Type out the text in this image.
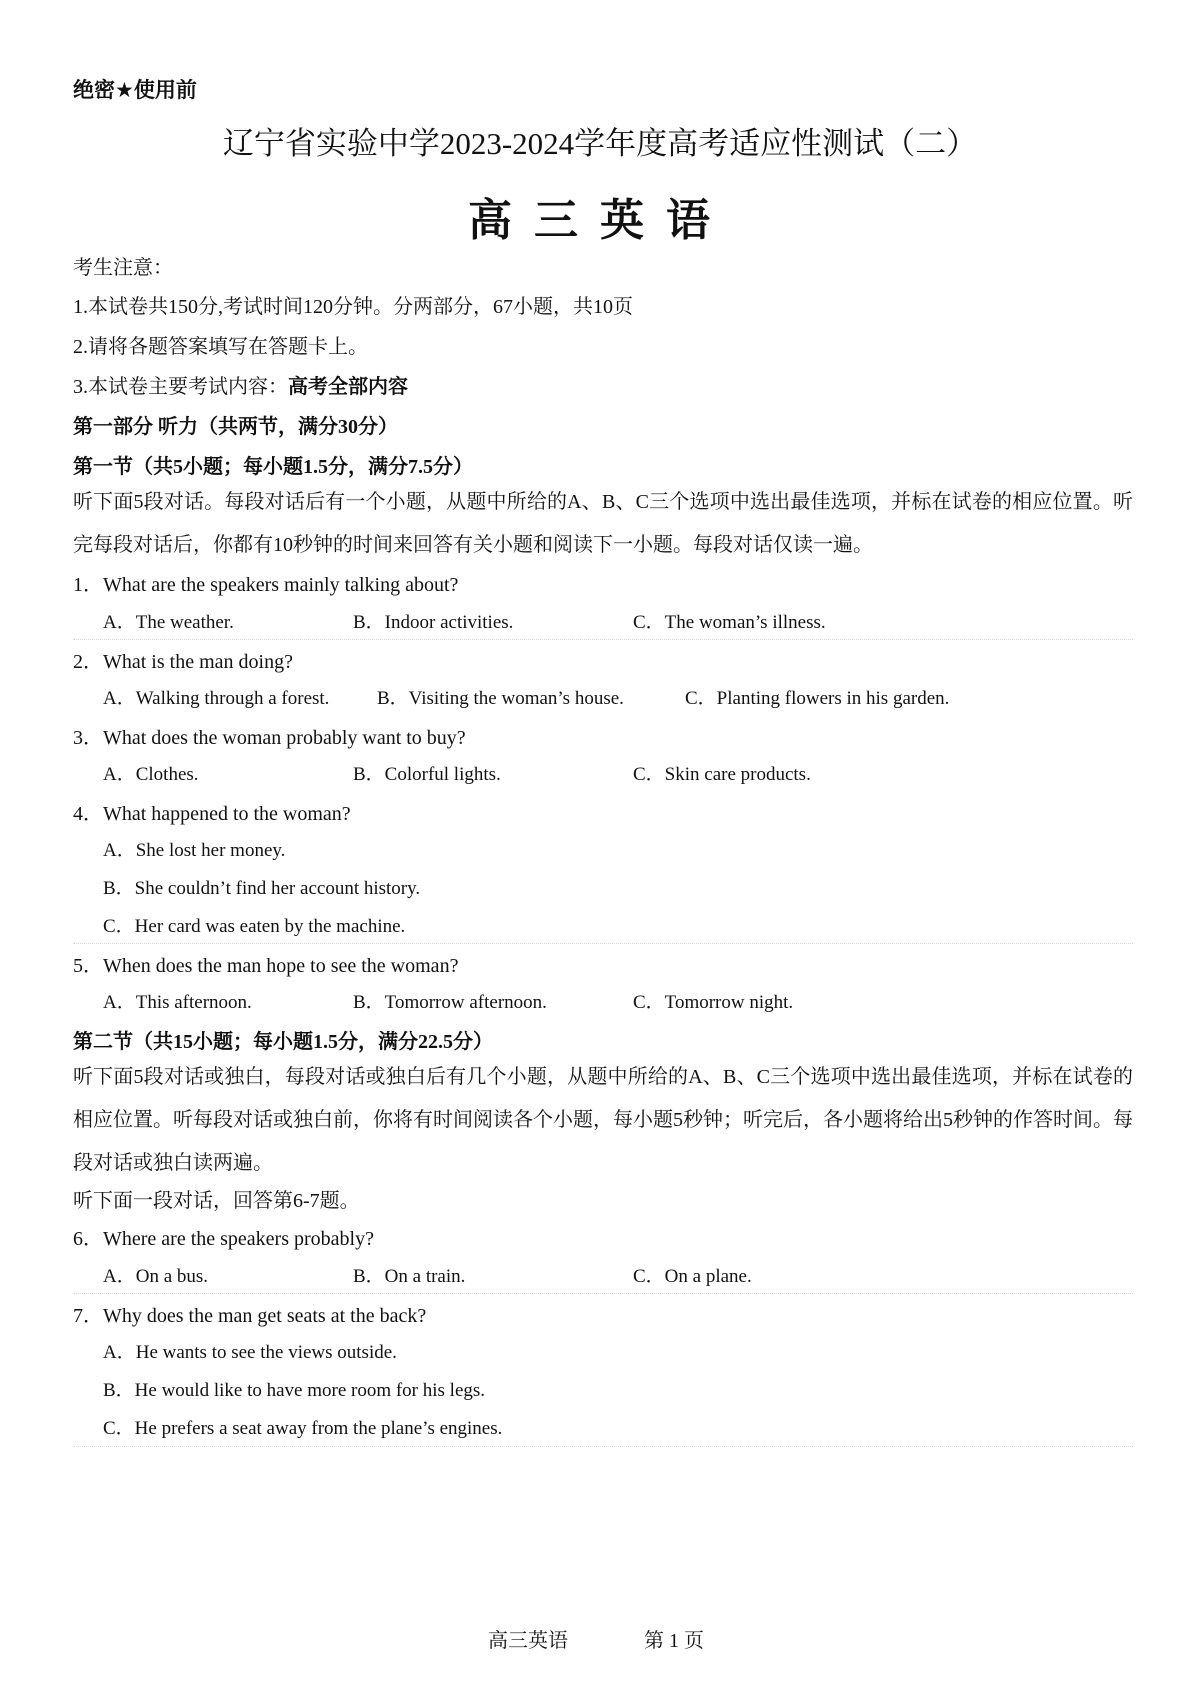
绝密★使用前
辽宁省实验中学2023-2024学年度高考适应性测试（二）
高三英语
考生注意：
1.本试卷共150分,考试时间120分钟。分两部分，67小题，共10页
2.请将各题答案填写在答题卡上。
3.本试卷主要考试内容：高考全部内容
第一部分 听力（共两节，满分30分）
第一节（共5小题；每小题1.5分，满分7.5分）
听下面5段对话。每段对话后有一个小题，从题中所给的A、B、C三个选项中选出最佳选项，并标在试卷的相应位置。听完每段对话后，你都有10秒钟的时间来回答有关小题和阅读下一小题。每段对话仅读一遍。
1．What are the speakers mainly talking about?
A．The weather.	B．Indoor activities.	C．The woman’s illness.
2．What is the man doing?
A．Walking through a forest.	B．Visiting the woman’s house.	C．Planting flowers in his garden.
3．What does the woman probably want to buy?
A．Clothes.	B．Colorful lights.	C．Skin care products.
4．What happened to the woman?
A．She lost her money.
B．She couldn’t find her account history.
C．Her card was eaten by the machine.
5．When does the man hope to see the woman?
A．This afternoon.	B．Tomorrow afternoon.	C．Tomorrow night.
第二节（共15小题；每小题1.5分，满分22.5分）
听下面5段对话或独白，每段对话或独白后有几个小题，从题中所给的A、B、C三个选项中选出最佳选项，并标在试卷的相应位置。听每段对话或独白前，你将有时间阅读各个小题，每小题5秒钟；听完后，各小题将给出5秒钟的作答时间。每段对话或独白读两遍。
听下面一段对话，回答第6-7题。
6．Where are the speakers probably?
A．On a bus.	B．On a train.	C．On a plane.
7．Why does the man get seats at the back?
A．He wants to see the views outside.
B．He would like to have more room for his legs.
C．He prefers a seat away from the plane’s engines.
高三英语	第 1 页
